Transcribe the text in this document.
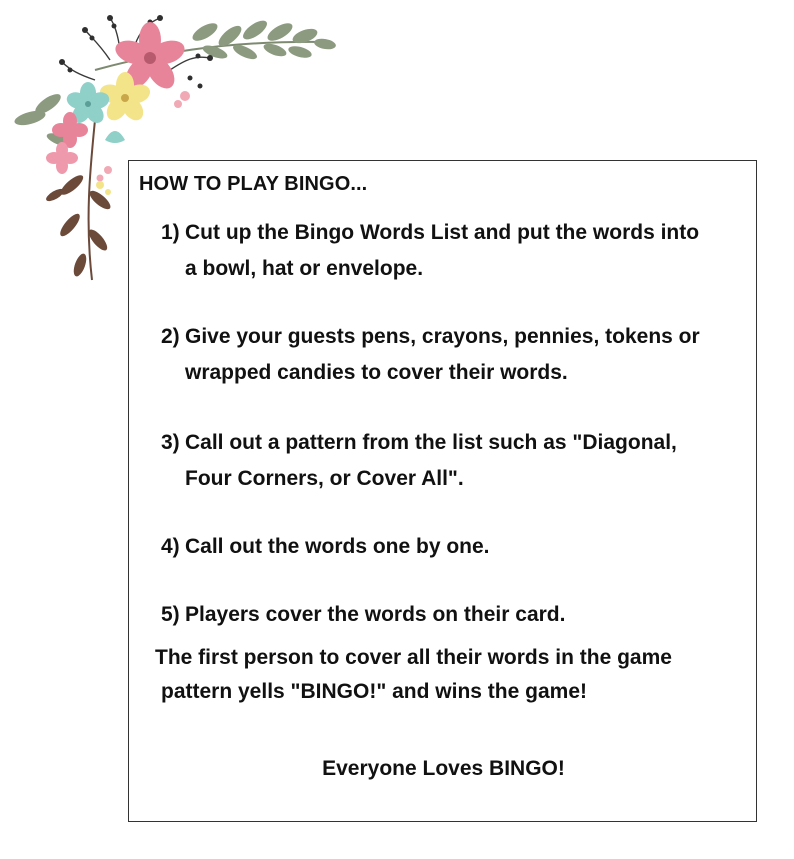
HOW TO PLAY BINGO...
1) Cut up the Bingo Words List and put the words into
a bowl, hat or envelope.
2) Give your guests pens, crayons, pennies, tokens or
wrapped candies to cover their words.
3) Call out a pattern from the list such as "Diagonal,
Four Corners, or Cover All".
4) Call out the words one by one.
5) Players cover the words on their card.
The first person to cover all their words in the game
pattern yells "BINGO!" and wins the game!
Everyone Loves BINGO!
